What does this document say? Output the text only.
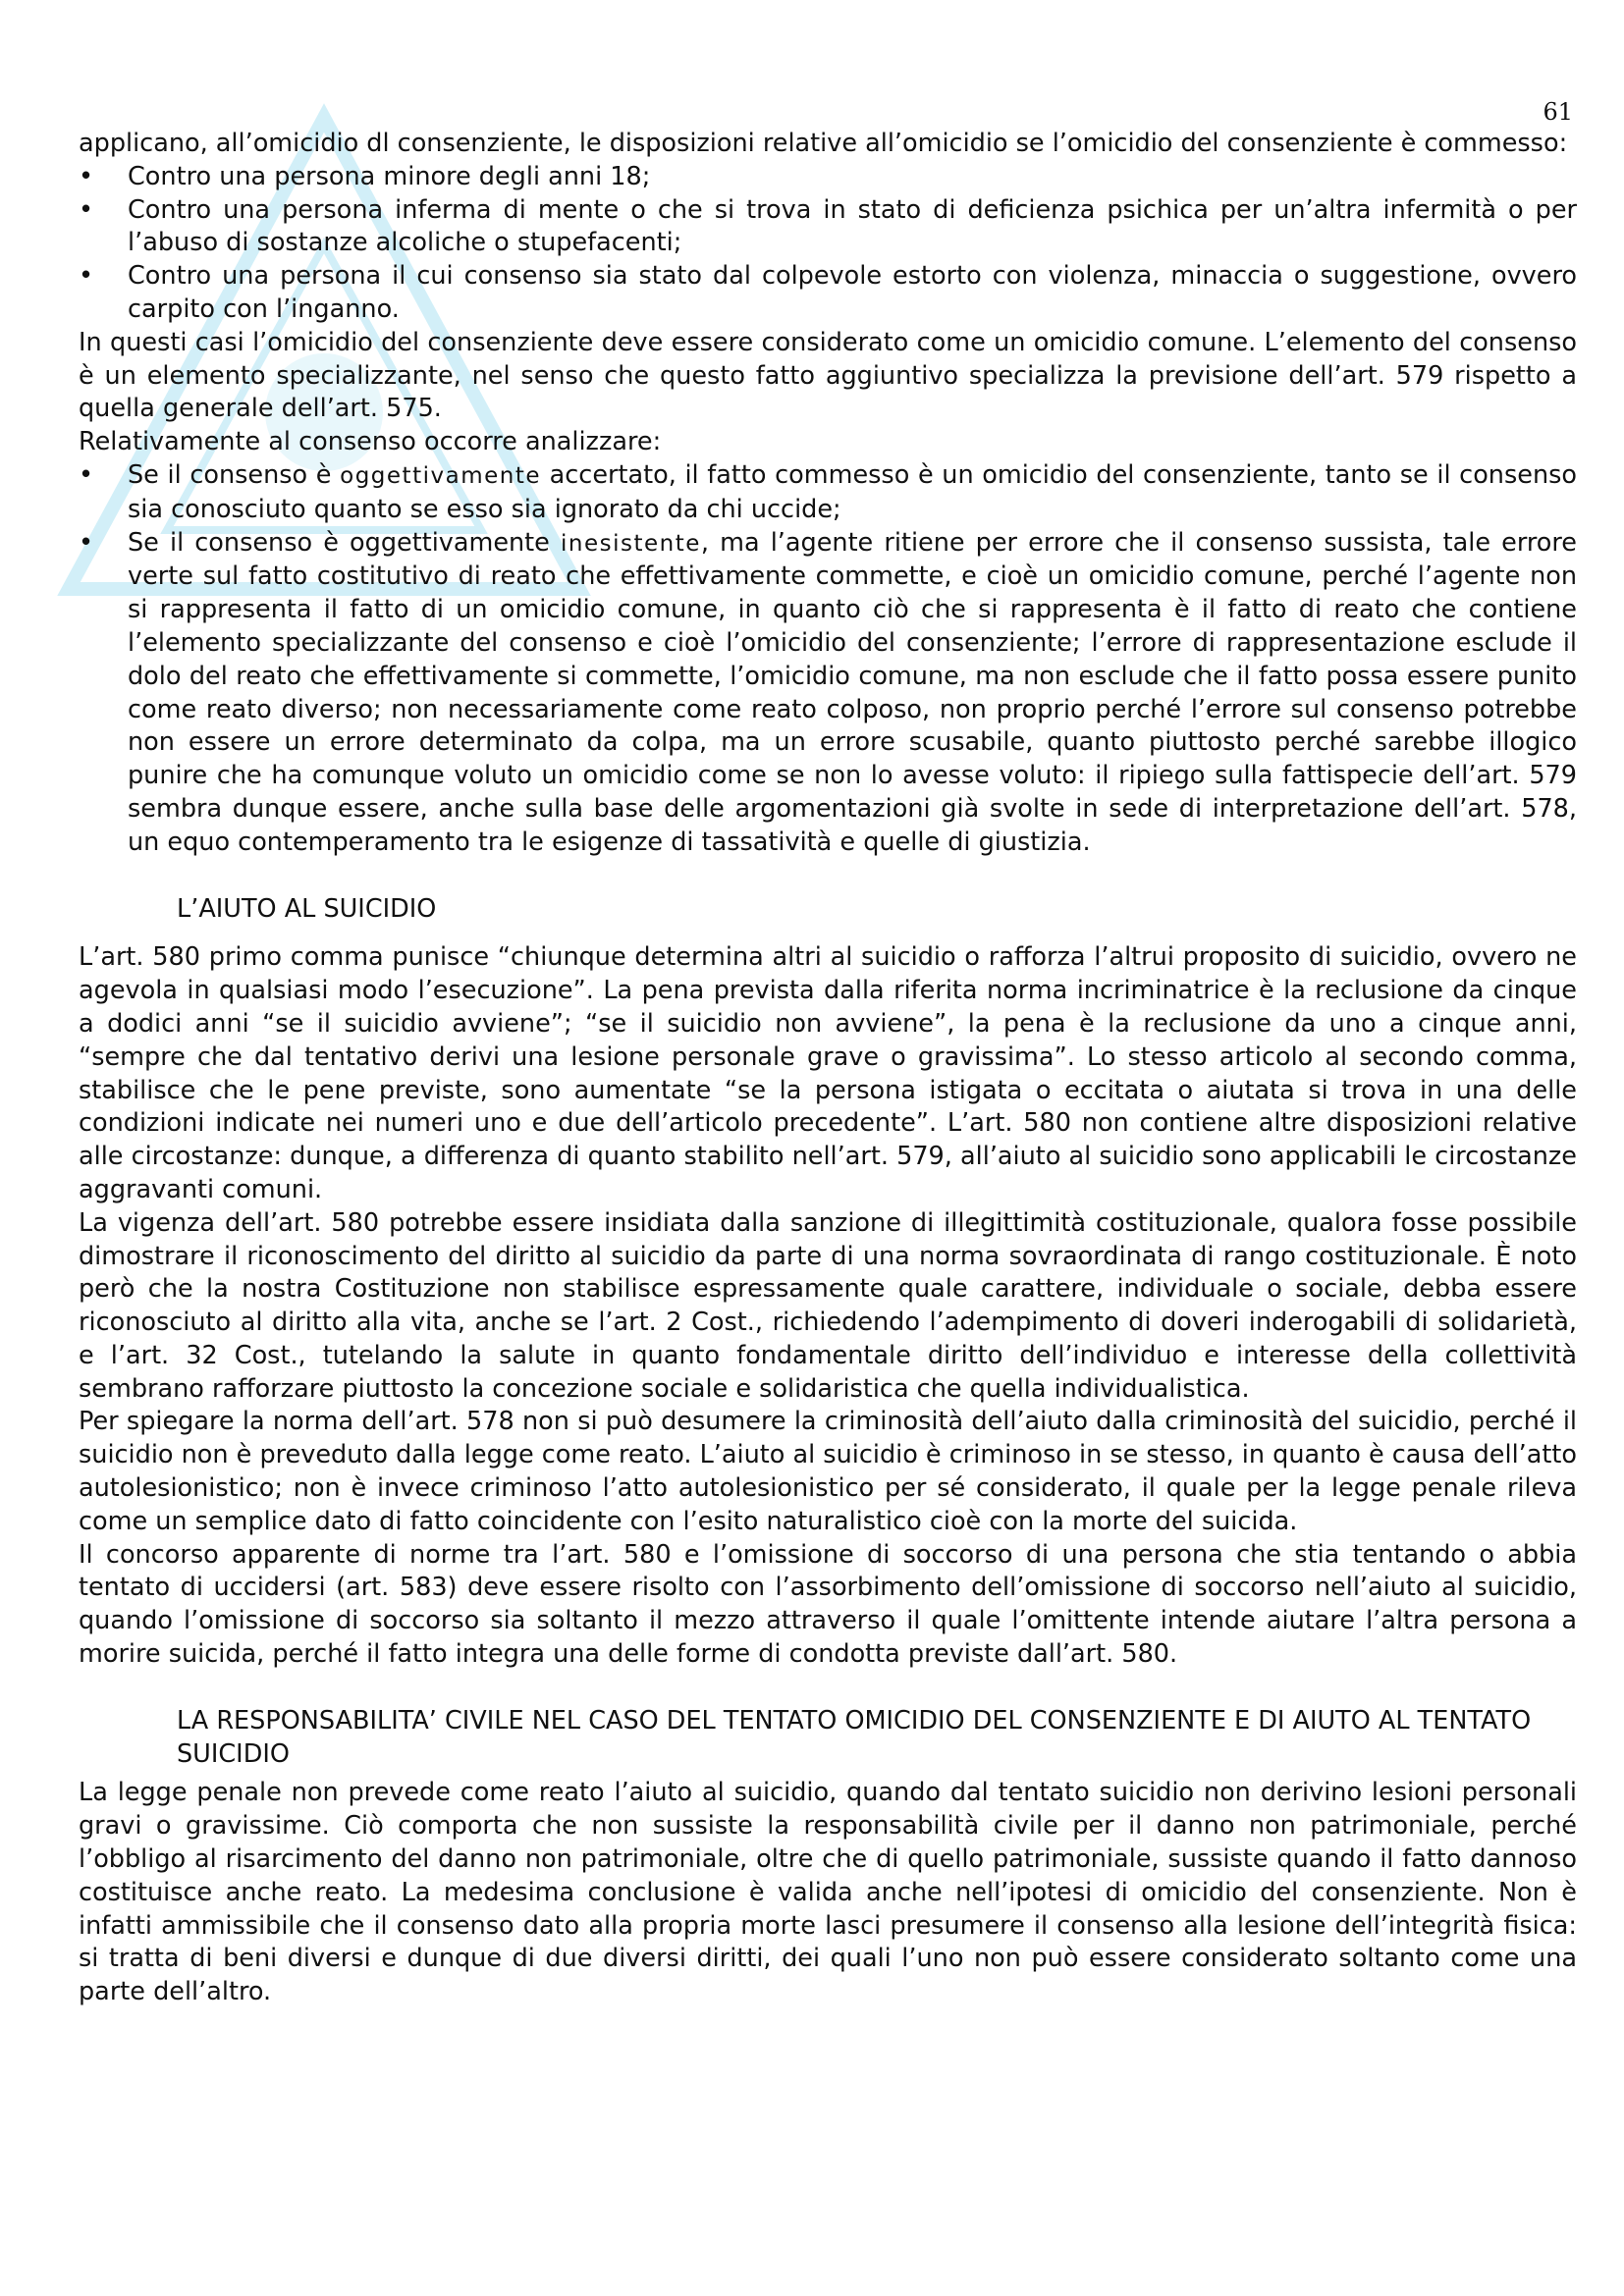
61

applicano, all’omicidio dl consenziente, le disposizioni relative all’omicidio se l’omicidio del consenziente è commesso:

• Contro una persona minore degli anni 18;
• Contro una persona inferma di mente o che si trova in stato di deficienza psichica per un’altra infermità o per l’abuso di sostanze alcoliche o stupefacenti;
• Contro una persona il cui consenso sia stato dal colpevole estorto con violenza, minaccia o suggestione, ovvero carpito con l’inganno.

In questi casi l’omicidio del consenziente deve essere considerato come un omicidio comune. L’elemento del consenso è un elemento specializzante, nel senso che questo fatto aggiuntivo specializza la previsione dell’art. 579 rispetto a quella generale dell’art. 575.

Relativamente al consenso occorre analizzare:

• Se il consenso è oggettivamente accertato, il fatto commesso è un omicidio del consenziente, tanto se il consenso sia conosciuto quanto se esso sia ignorato da chi uccide;
• Se il consenso è oggettivamente inesistente, ma l’agente ritiene per errore che il consenso sussista, tale errore verte sul fatto costitutivo di reato che effettivamente commette, e cioè un omicidio comune, perché l’agente non si rappresenta il fatto di un omicidio comune, in quanto ciò che si rappresenta è il fatto di reato che contiene l’elemento specializzante del consenso e cioè l’omicidio del consenziente; l’errore di rappresentazione esclude il dolo del reato che effettivamente si commette, l’omicidio comune, ma non esclude che il fatto possa essere punito come reato diverso; non necessariamente come reato colposo, non proprio perché l’errore sul consenso potrebbe non essere un errore determinato da colpa, ma un errore scusabile, quanto piuttosto perché sarebbe illogico punire che ha comunque voluto un omicidio come se non lo avesse voluto: il ripiego sulla fattispecie dell’art. 579 sembra dunque essere, anche sulla base delle argomentazioni già svolte in sede di interpretazione dell’art. 578, un equo contemperamento tra le esigenze di tassatività e quelle di giustizia.
L’AIUTO AL SUICIDIO

L’art. 580 primo comma punisce “chiunque determina altri al suicidio o rafforza l’altrui proposito di suicidio, ovvero ne agevola in qualsiasi modo l’esecuzione”. La pena prevista dalla riferita norma incriminatrice è la reclusione da cinque a dodici anni “se il suicidio avviene”; “se il suicidio non avviene”, la pena è la reclusione da uno a cinque anni, “sempre che dal tentativo derivi una lesione personale grave o gravissima”. Lo stesso articolo al secondo comma, stabilisce che le pene previste, sono aumentate “se la persona istigata o eccitata o aiutata si trova in una delle condizioni indicate nei numeri uno e due dell’articolo precedente”. L’art. 580 non contiene altre disposizioni relative alle circostanze: dunque, a differenza di quanto stabilito nell’art. 579, all’aiuto al suicidio sono applicabili le circostanze aggravanti comuni.

La vigenza dell’art. 580 potrebbe essere insidiata dalla sanzione di illegittimità costituzionale, qualora fosse possibile dimostrare il riconoscimento del diritto al suicidio da parte di una norma sovraordinata di rango costituzionale. È noto però che la nostra Costituzione non stabilisce espressamente quale carattere, individuale o sociale, debba essere riconosciuto al diritto alla vita, anche se l’art. 2 Cost., richiedendo l’adempimento di doveri inderogabili di solidarietà, e l’art. 32 Cost., tutelando la salute in quanto fondamentale diritto dell’individuo e interesse della collettività sembrano rafforzare piuttosto la concezione sociale e solidaristica che quella individualistica.

Per spiegare la norma dell’art. 578 non si può desumere la criminosità dell’aiuto dalla criminosità del suicidio, perché il suicidio non è preveduto dalla legge come reato. L’aiuto al suicidio è criminoso in se stesso, in quanto è causa dell’atto autolesionistico; non è invece criminoso l’atto autolesionistico per sé considerato, il quale per la legge penale rileva come un semplice dato di fatto coincidente con l’esito naturalistico cioè con la morte del suicida.

Il concorso apparente di norme tra l’art. 580 e l’omissione di soccorso di una persona che stia tentando o abbia tentato di uccidersi (art. 583) deve essere risolto con l’assorbimento dell’omissione di soccorso nell’aiuto al suicidio, quando l’omissione di soccorso sia soltanto il mezzo attraverso il quale l’omittente intende aiutare l’altra persona a morire suicida, perché il fatto integra una delle forme di condotta previste dall’art. 580.

LA RESPONSABILITA’ CIVILE NEL CASO DEL TENTATO OMICIDIO DEL CONSENZIENTE E DI AIUTO AL TENTATO SUICIDIO

La legge penale non prevede come reato l’aiuto al suicidio, quando dal tentato suicidio non derivino lesioni personali gravi o gravissime. Ciò comporta che non sussiste la responsabilità civile per il danno non patrimoniale, perché l’obbligo al risarcimento del danno non patrimoniale, oltre che di quello patrimoniale, sussiste quando il fatto dannoso costituisce anche reato. La medesima conclusione è valida anche nell’ipotesi di omicidio del consenziente. Non è infatti ammissibile che il consenso dato alla propria morte lasci presumere il consenso alla lesione dell’integrità fisica: si tratta di beni diversi e dunque di due diversi diritti, dei quali l’uno non può essere considerato soltanto come una parte dell’altro.
